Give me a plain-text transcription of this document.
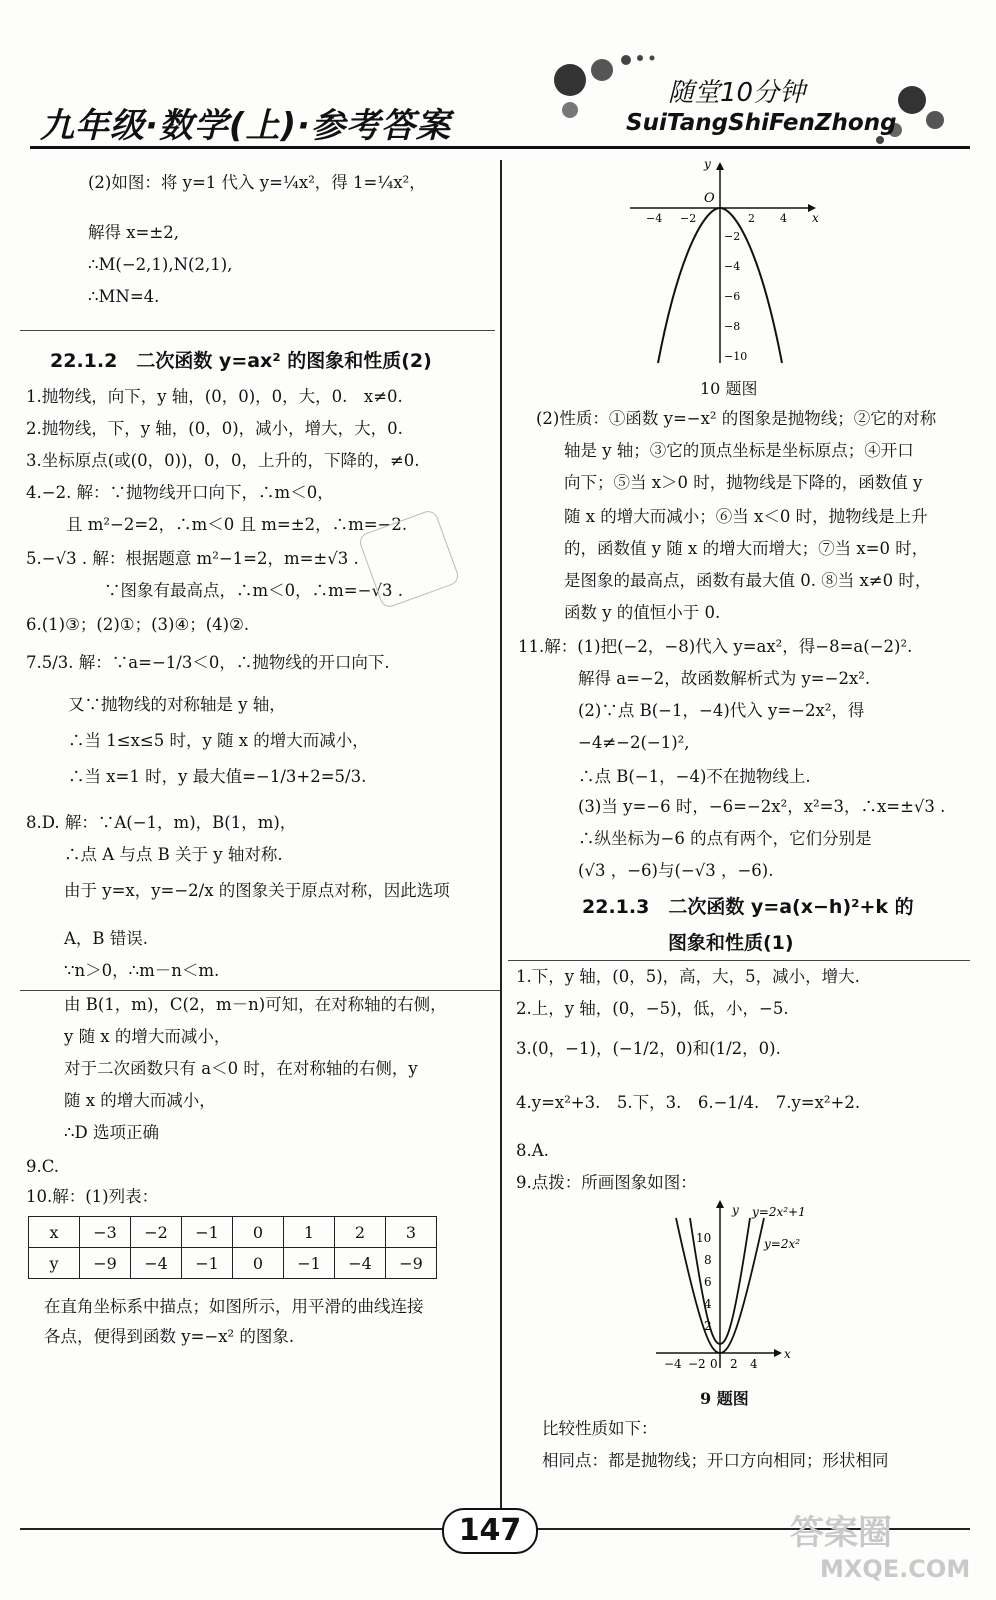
九年级·数学(上)·参考答案
随堂10分钟
SuiTangShiFenZhong
(2)如图：将 y=1 代入 y=¼x²，得 1=¼x²，
解得 x=±2,
∴M(−2,1),N(2,1),
∴MN=4.
22.1.2　二次函数 y=ax² 的图象和性质(2)
1.抛物线，向下，y 轴，(0，0)，0，大，0.　x≠0.
2.抛物线，下，y 轴，(0，0)，减小，增大，大，0.
3.坐标原点(或(0，0))，0，0，上升的，下降的，≠0.
4.−2. 解：∵抛物线开口向下，∴m＜0，
且 m²−2=2，∴m＜0 且 m=±2，∴m=−2.
5.−√3 . 解：根据题意 m²−1=2，m=±√3 .
∵图象有最高点，∴m＜0，∴m=−√3 .
6.(1)③；(2)①；(3)④；(4)②.
7.5/3. 解：∵a=−1/3＜0，∴抛物线的开口向下.
又∵抛物线的对称轴是 y 轴，
∴当 1≤x≤5 时，y 随 x 的增大而减小，
∴当 x=1 时，y 最大值=−1/3+2=5/3.
8.D. 解：∵A(−1，m)，B(1，m)，
∴点 A 与点 B 关于 y 轴对称.
由于 y=x，y=−2/x 的图象关于原点对称，因此选项
A，B 错误.
∵n＞0，∴m－n＜m.
由 B(1，m)，C(2，m－n)可知，在对称轴的右侧，
y 随 x 的增大而减小，
对于二次函数只有 a＜0 时，在对称轴的右侧，y
随 x 的增大而减小，
∴D 选项正确
9.C.
10.解：(1)列表：
x	−3	−2	−1	0	1	2	3
y	−9	−4	−1	0	−1	−4	−9
在直角坐标系中描点；如图所示，用平滑的曲线连接
各点，便得到函数 y=−x² 的图象.
O
x
y
−4 −2	2 4
−2
−4
−6
−8
−10
10 题图
(2)性质：①函数 y=−x² 的图象是抛物线；②它的对称
轴是 y 轴；③它的顶点坐标是坐标原点；④开口
向下；⑤当 x＞0 时，抛物线是下降的，函数值 y
随 x 的增大而减小；⑥当 x＜0 时，抛物线是上升
的，函数值 y 随 x 的增大而增大；⑦当 x=0 时，
是图象的最高点，函数有最大值 0. ⑧当 x≠0 时，
函数 y 的值恒小于 0.
11.解：(1)把(−2，−8)代入 y=ax²，得−8=a(−2)².
解得 a=−2，故函数解析式为 y=−2x².
(2)∵点 B(−1，−4)代入 y=−2x²，得
−4≠−2(−1)²,
∴点 B(−1，−4)不在抛物线上.
(3)当 y=−6 时，−6=−2x²，x²=3，∴x=±√3 .
∴纵坐标为−6 的点有两个，它们分别是
(√3 ，−6)与(−√3 ，−6).
22.1.3　二次函数 y=a(x−h)²+k 的
图象和性质(1)
1.下，y 轴，(0，5)，高，大，5，减小，增大.
2.上，y 轴，(0，−5)，低，小，−5.
3.(0，−1)，(−1/2，0)和(1/2，0).
4.y=x²+3.　5.下，3.　6.−1/4.　7.y=x²+2.
8.A.
9.点拨：所画图象如图：
y y=2x²+1
y=2x²
x
10
8
6
4
2
−4 −2 0 2 4
9 题图
比较性质如下：
相同点：都是抛物线；开口方向相同；形状相同
147	答案圈
MXQE.COM
